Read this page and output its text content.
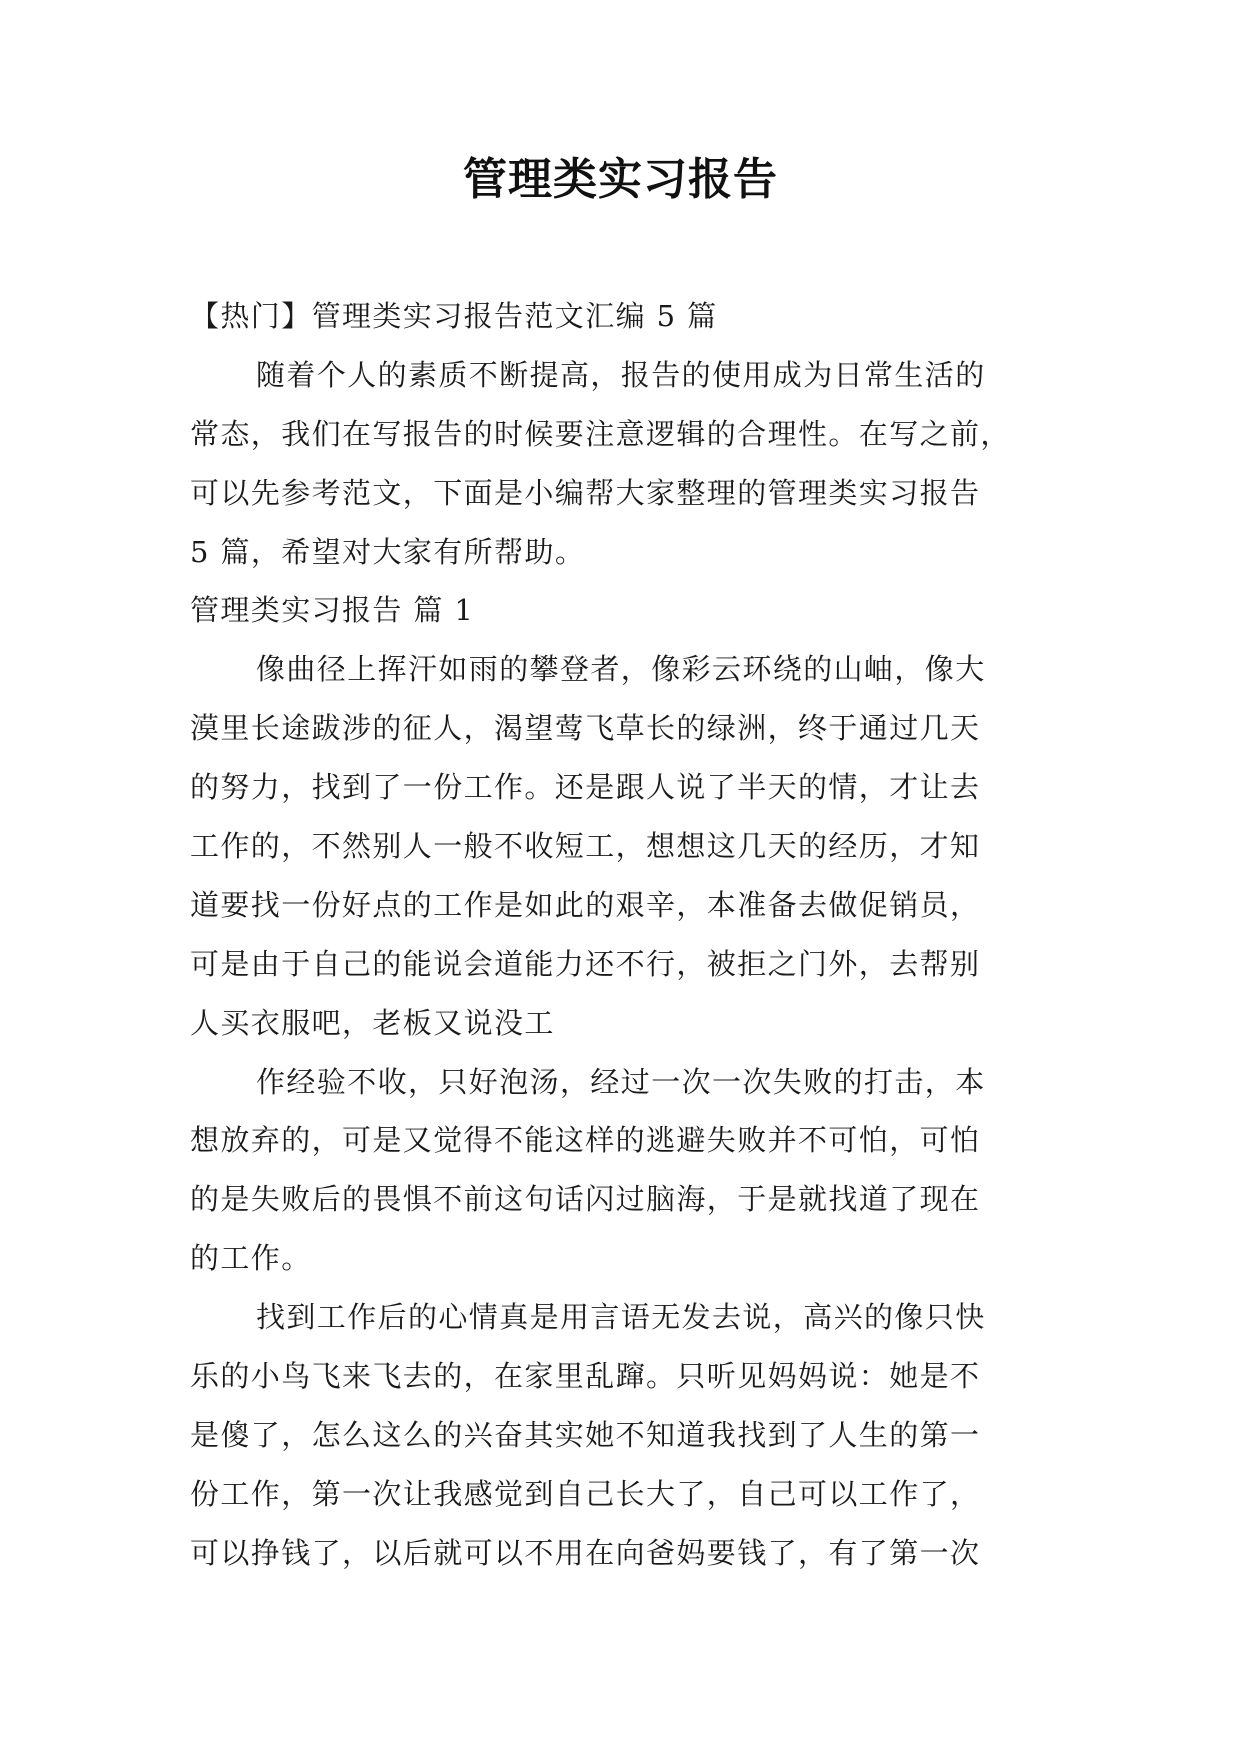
管理类实习报告
【热门】管理类实习报告范文汇编 5 篇
随着个人的素质不断提高，报告的使用成为日常生活的
常态，我们在写报告的时候要注意逻辑的合理性。在写之前，
可以先参考范文，下面是小编帮大家整理的管理类实习报告
5 篇，希望对大家有所帮助。
管理类实习报告 篇 1
像曲径上挥汗如雨的攀登者，像彩云环绕的山岫，像大
漠里长途跋涉的征人，渴望莺飞草长的绿洲，终于通过几天
的努力，找到了一份工作。还是跟人说了半天的情，才让去
工作的，不然别人一般不收短工，想想这几天的经历，才知
道要找一份好点的工作是如此的艰辛，本准备去做促销员，
可是由于自己的能说会道能力还不行，被拒之门外，去帮别
人买衣服吧，老板又说没工
作经验不收，只好泡汤，经过一次一次失败的打击，本
想放弃的，可是又觉得不能这样的逃避失败并不可怕，可怕
的是失败后的畏惧不前这句话闪过脑海，于是就找道了现在
的工作。
找到工作后的心情真是用言语无发去说，高兴的像只快
乐的小鸟飞来飞去的，在家里乱蹿。只听见妈妈说：她是不
是傻了，怎么这么的兴奋其实她不知道我找到了人生的第一
份工作，第一次让我感觉到自己长大了，自己可以工作了，
可以挣钱了，以后就可以不用在向爸妈要钱了，有了第一次
